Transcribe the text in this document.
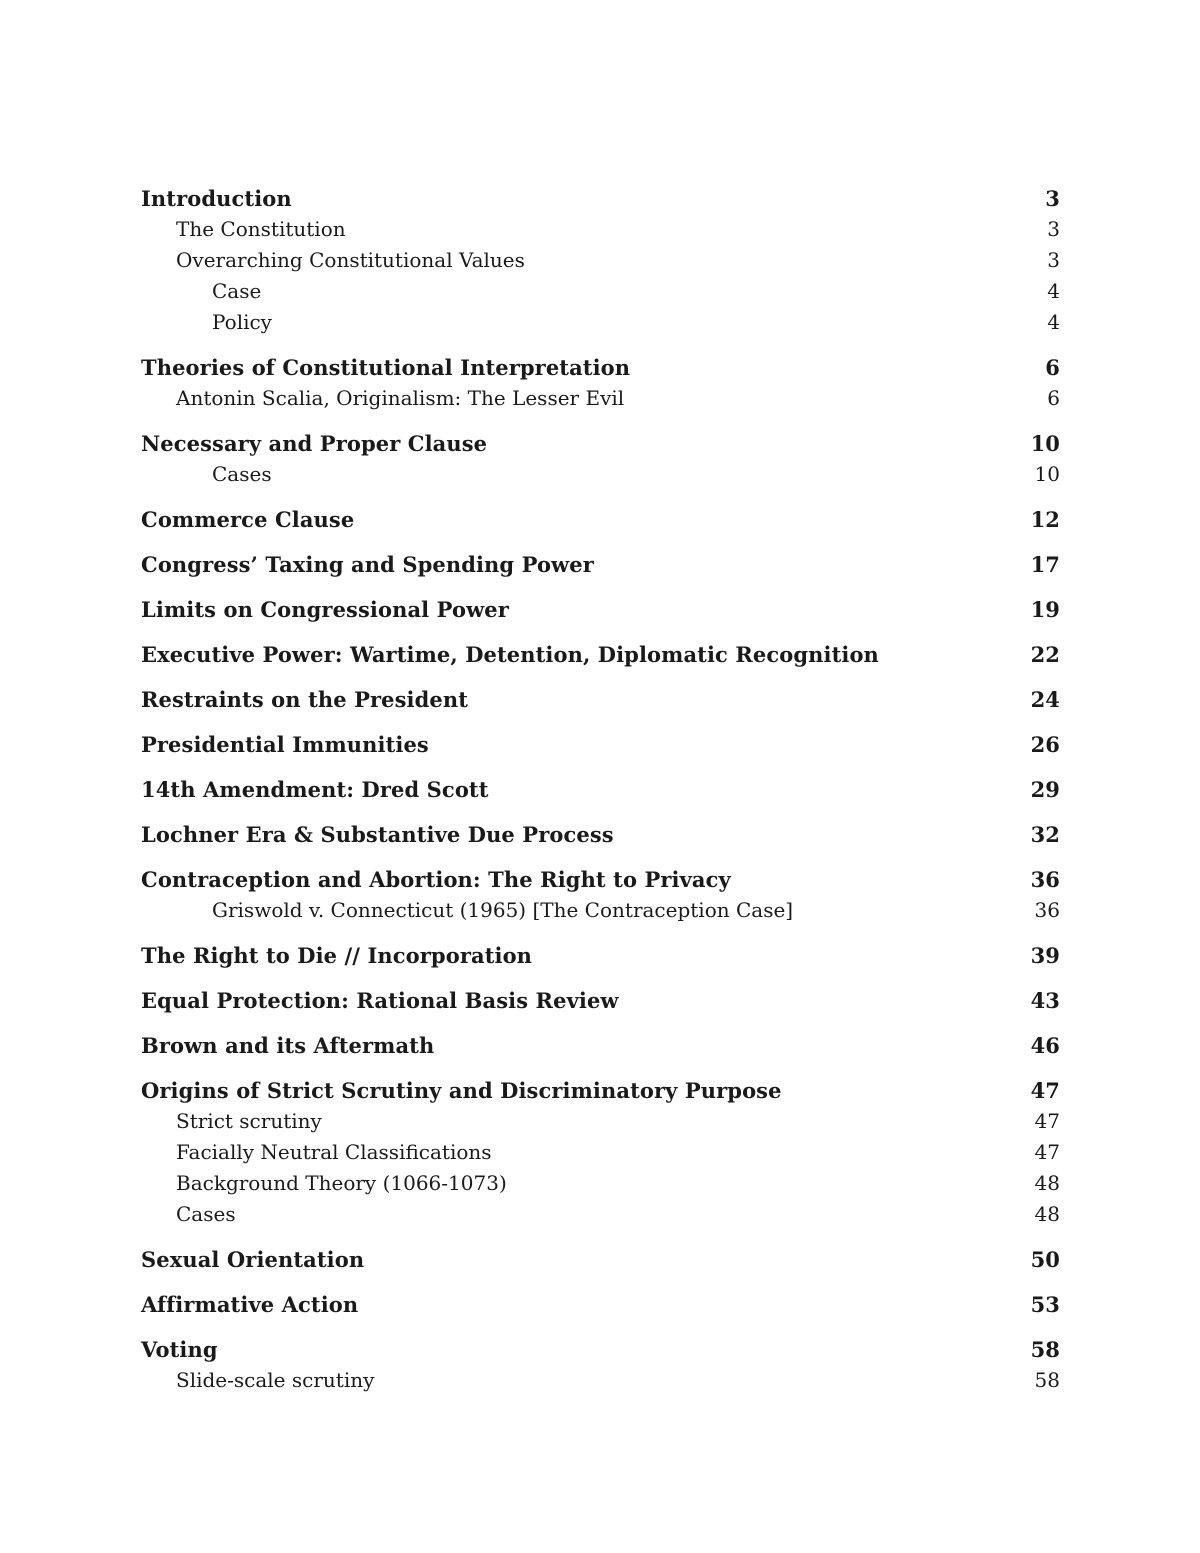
Introduction	3
The Constitution	3
Overarching Constitutional Values	3
Case	4
Policy	4
Theories of Constitutional Interpretation	6
Antonin Scalia, Originalism: The Lesser Evil	6
Necessary and Proper Clause	10
Cases	10
Commerce Clause	12
Congress’ Taxing and Spending Power	17
Limits on Congressional Power	19
Executive Power: Wartime, Detention, Diplomatic Recognition	22
Restraints on the President	24
Presidential Immunities	26
14th Amendment: Dred Scott	29
Lochner Era & Substantive Due Process	32
Contraception and Abortion: The Right to Privacy	36
Griswold v. Connecticut (1965) [The Contraception Case]	36
The Right to Die // Incorporation	39
Equal Protection: Rational Basis Review	43
Brown and its Aftermath	46
Origins of Strict Scrutiny and Discriminatory Purpose	47
Strict scrutiny	47
Facially Neutral Classifications	47
Background Theory (1066-1073)	48
Cases	48
Sexual Orientation	50
Affirmative Action	53
Voting	58
Slide-scale scrutiny	58
